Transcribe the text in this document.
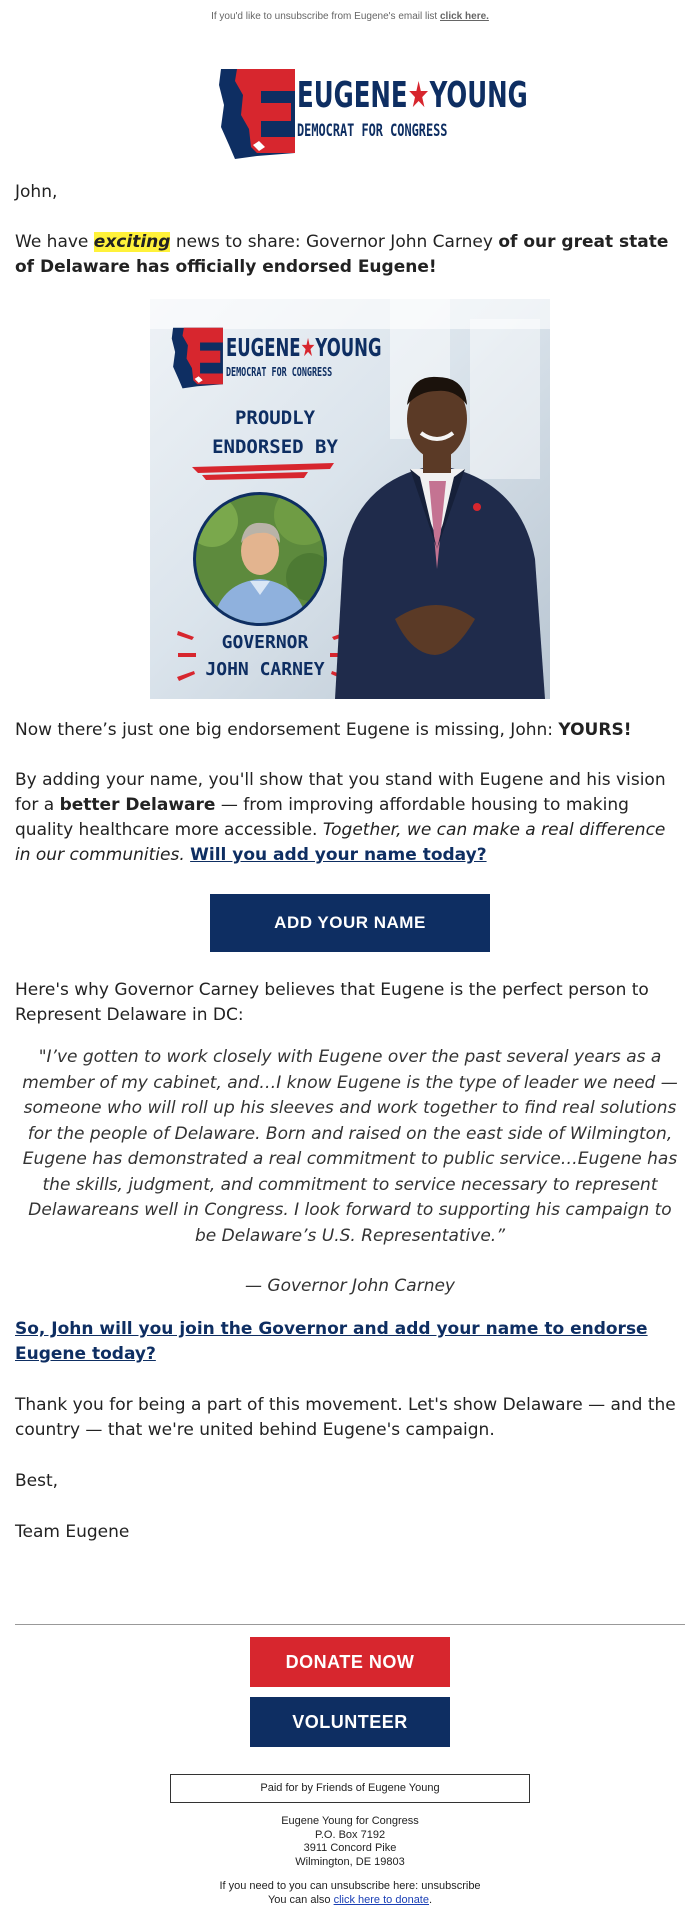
If you'd like to unsubscribe from Eugene's email list click here.
EUGENE★YOUNG
DEMOCRAT FOR CONGRESS
John,
We have exciting news to share: Governor John Carney of our great state of Delaware has officially endorsed Eugene!
EUGENE★YOUNG
DEMOCRAT FOR CONGRESS
PROUDLY
ENDORSED BY
GOVERNOR
JOHN CARNEY
Now there’s just one big endorsement Eugene is missing, John: YOURS!
By adding your name, you'll show that you stand with Eugene and his vision for a better Delaware — from improving affordable housing to making quality healthcare more accessible. Together, we can make a real difference in our communities. Will you add your name today?
ADD YOUR NAME
Here's why Governor Carney believes that Eugene is the perfect person to Represent Delaware in DC:
"I’ve gotten to work closely with Eugene over the past several years as a member of my cabinet, and…I know Eugene is the type of leader we need — someone who will roll up his sleeves and work together to find real solutions for the people of Delaware. Born and raised on the east side of Wilmington, Eugene has demonstrated a real commitment to public service…Eugene has the skills, judgment, and commitment to service necessary to represent Delawareans well in Congress. I look forward to supporting his campaign to be Delaware’s U.S. Representative.”
— Governor John Carney
So, John will you join the Governor and add your name to endorse Eugene today?
Thank you for being a part of this movement. Let's show Delaware — and the country — that we're united behind Eugene's campaign.
Best,
Team Eugene
DONATE NOW
VOLUNTEER
Paid for by Friends of Eugene Young
Eugene Young for Congress
P.O. Box 7192
3911 Concord Pike
Wilmington, DE 19803
If you need to you can unsubscribe here: unsubscribe
You can also click here to donate.
